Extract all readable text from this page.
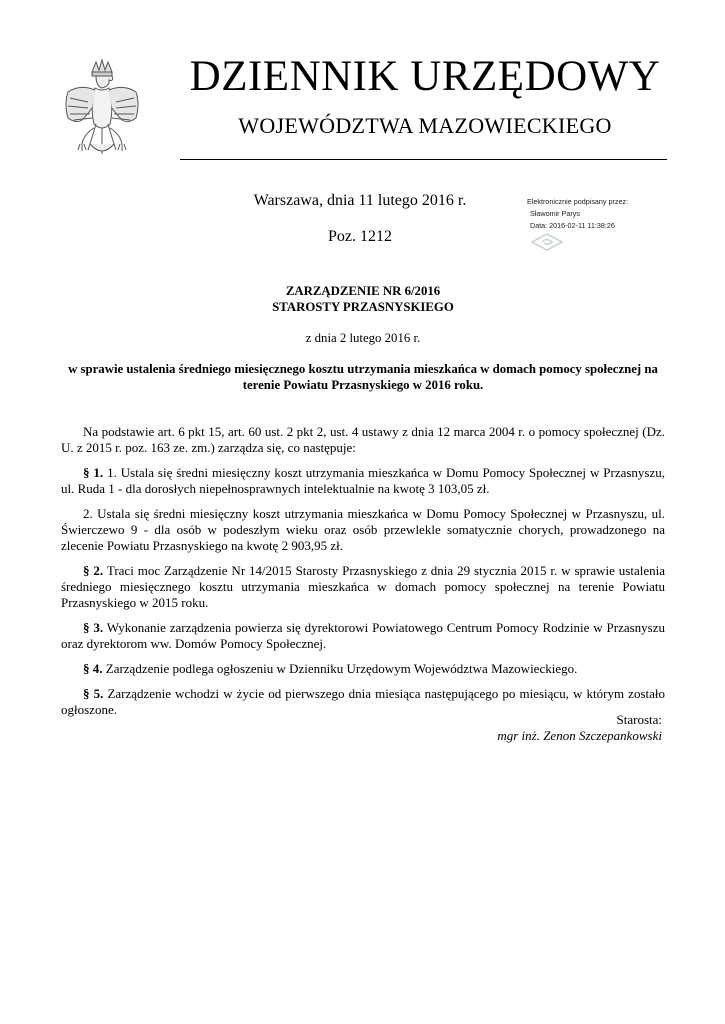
DZIENNIK URZĘDOWY
WOJEWÓDZTWA MAZOWIECKIEGO
Warszawa, dnia 11 lutego 2016 r.
Poz. 1212
Elektronicznie podpisany przez:
Sławomir Parys
Data: 2016-02-11 11:38:26
ZARZĄDZENIE NR 6/2016
STAROSTY PRZASNYSKIEGO
z dnia 2 lutego 2016 r.
w sprawie ustalenia średniego miesięcznego kosztu utrzymania mieszkańca w domach pomocy społecznej na terenie Powiatu Przasnyskiego w 2016 roku.

Na podstawie art. 6 pkt 15, art. 60 ust. 2 pkt 2, ust. 4 ustawy z dnia 12 marca 2004 r. o pomocy społecznej (Dz. U. z 2015 r. poz. 163 ze. zm.) zarządza się, co następuje:

§ 1. 1. Ustala się średni miesięczny koszt utrzymania mieszkańca w Domu Pomocy Społecznej w Przasnyszu, ul. Ruda 1 - dla dorosłych niepełnosprawnych intelektualnie na kwotę 3 103,05 zł.

2. Ustala się średni miesięczny koszt utrzymania mieszkańca w Domu Pomocy Społecznej w Przasnyszu, ul. Świerczewo 9 - dla osób w podeszłym wieku oraz osób przewlekle somatycznie chorych, prowadzonego na zlecenie Powiatu Przasnyskiego na kwotę 2 903,95 zł.

§ 2. Traci moc Zarządzenie Nr 14/2015 Starosty Przasnyskiego z dnia 29 stycznia 2015 r. w sprawie ustalenia średniego miesięcznego kosztu utrzymania mieszkańca w domach pomocy społecznej na terenie Powiatu Przasnyskiego w 2015 roku.

§ 3. Wykonanie zarządzenia powierza się dyrektorowi Powiatowego Centrum Pomocy Rodzinie w Przasnyszu oraz dyrektorom ww. Domów Pomocy Społecznej.

§ 4. Zarządzenie podlega ogłoszeniu w Dzienniku Urzędowym Województwa Mazowieckiego.

§ 5. Zarządzenie wchodzi w życie od pierwszego dnia miesiąca następującego po miesiącu, w którym zostało ogłoszone.

Starosta:
mgr inż. Zenon Szczepankowski
